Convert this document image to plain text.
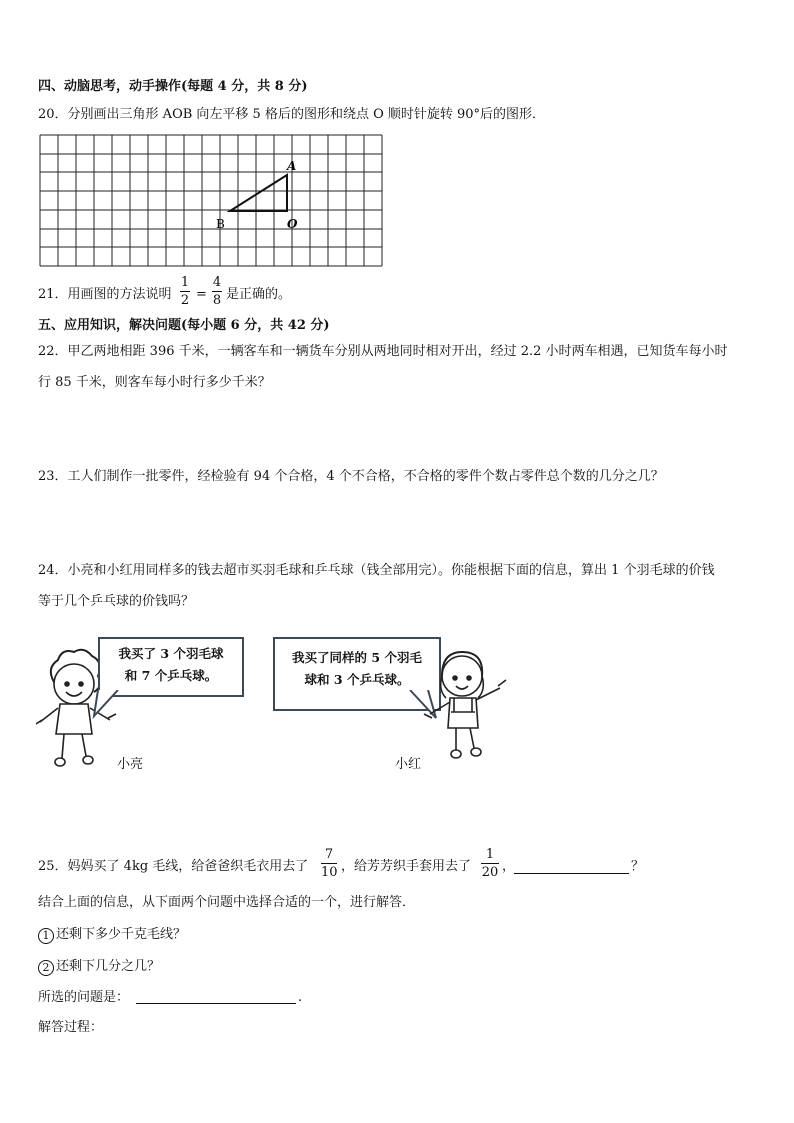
四、动脑思考，动手操作(每题 4 分，共 8 分)
20．分别画出三角形 AOB 向左平移 5 格后的图形和绕点 O 顺时针旋转 90°后的图形．
A
B	O
21．用画图的方法说明
1
2 =
4
8 是正确的。
五、应用知识，解决问题(每小题 6 分，共 42 分)
22．甲乙两地相距 396 千米，一辆客车和一辆货车分别从两地同时相对开出，经过 2.2 小时两车相遇，已知货车每小时
行 85 千米，则客车每小时行多少千米？
23．工人们制作一批零件，经检验有 94 个合格，4 个不合格，不合格的零件个数占零件总个数的几分之几？
24．小亮和小红用同样多的钱去超市买羽毛球和乒乓球（钱全部用完）。你能根据下面的信息，算出 1 个羽毛球的价钱
等于几个乒乓球的价钱吗？
我买了 3 个羽毛球
和 7 个乒乓球。
小亮
我买了同样的 5 个羽毛
球和 3 个乒乓球。
小红
25．妈妈买了 4kg 毛线，给爸爸织毛衣用去了
7
10 ，给芳芳织手套用去了
1
20 ，	？
结合上面的信息，从下面两个问题中选择合适的一个，进行解答．
1 还剩下多少千克毛线？
2 还剩下几分之几？
所选的问题是：	.
解答过程：
